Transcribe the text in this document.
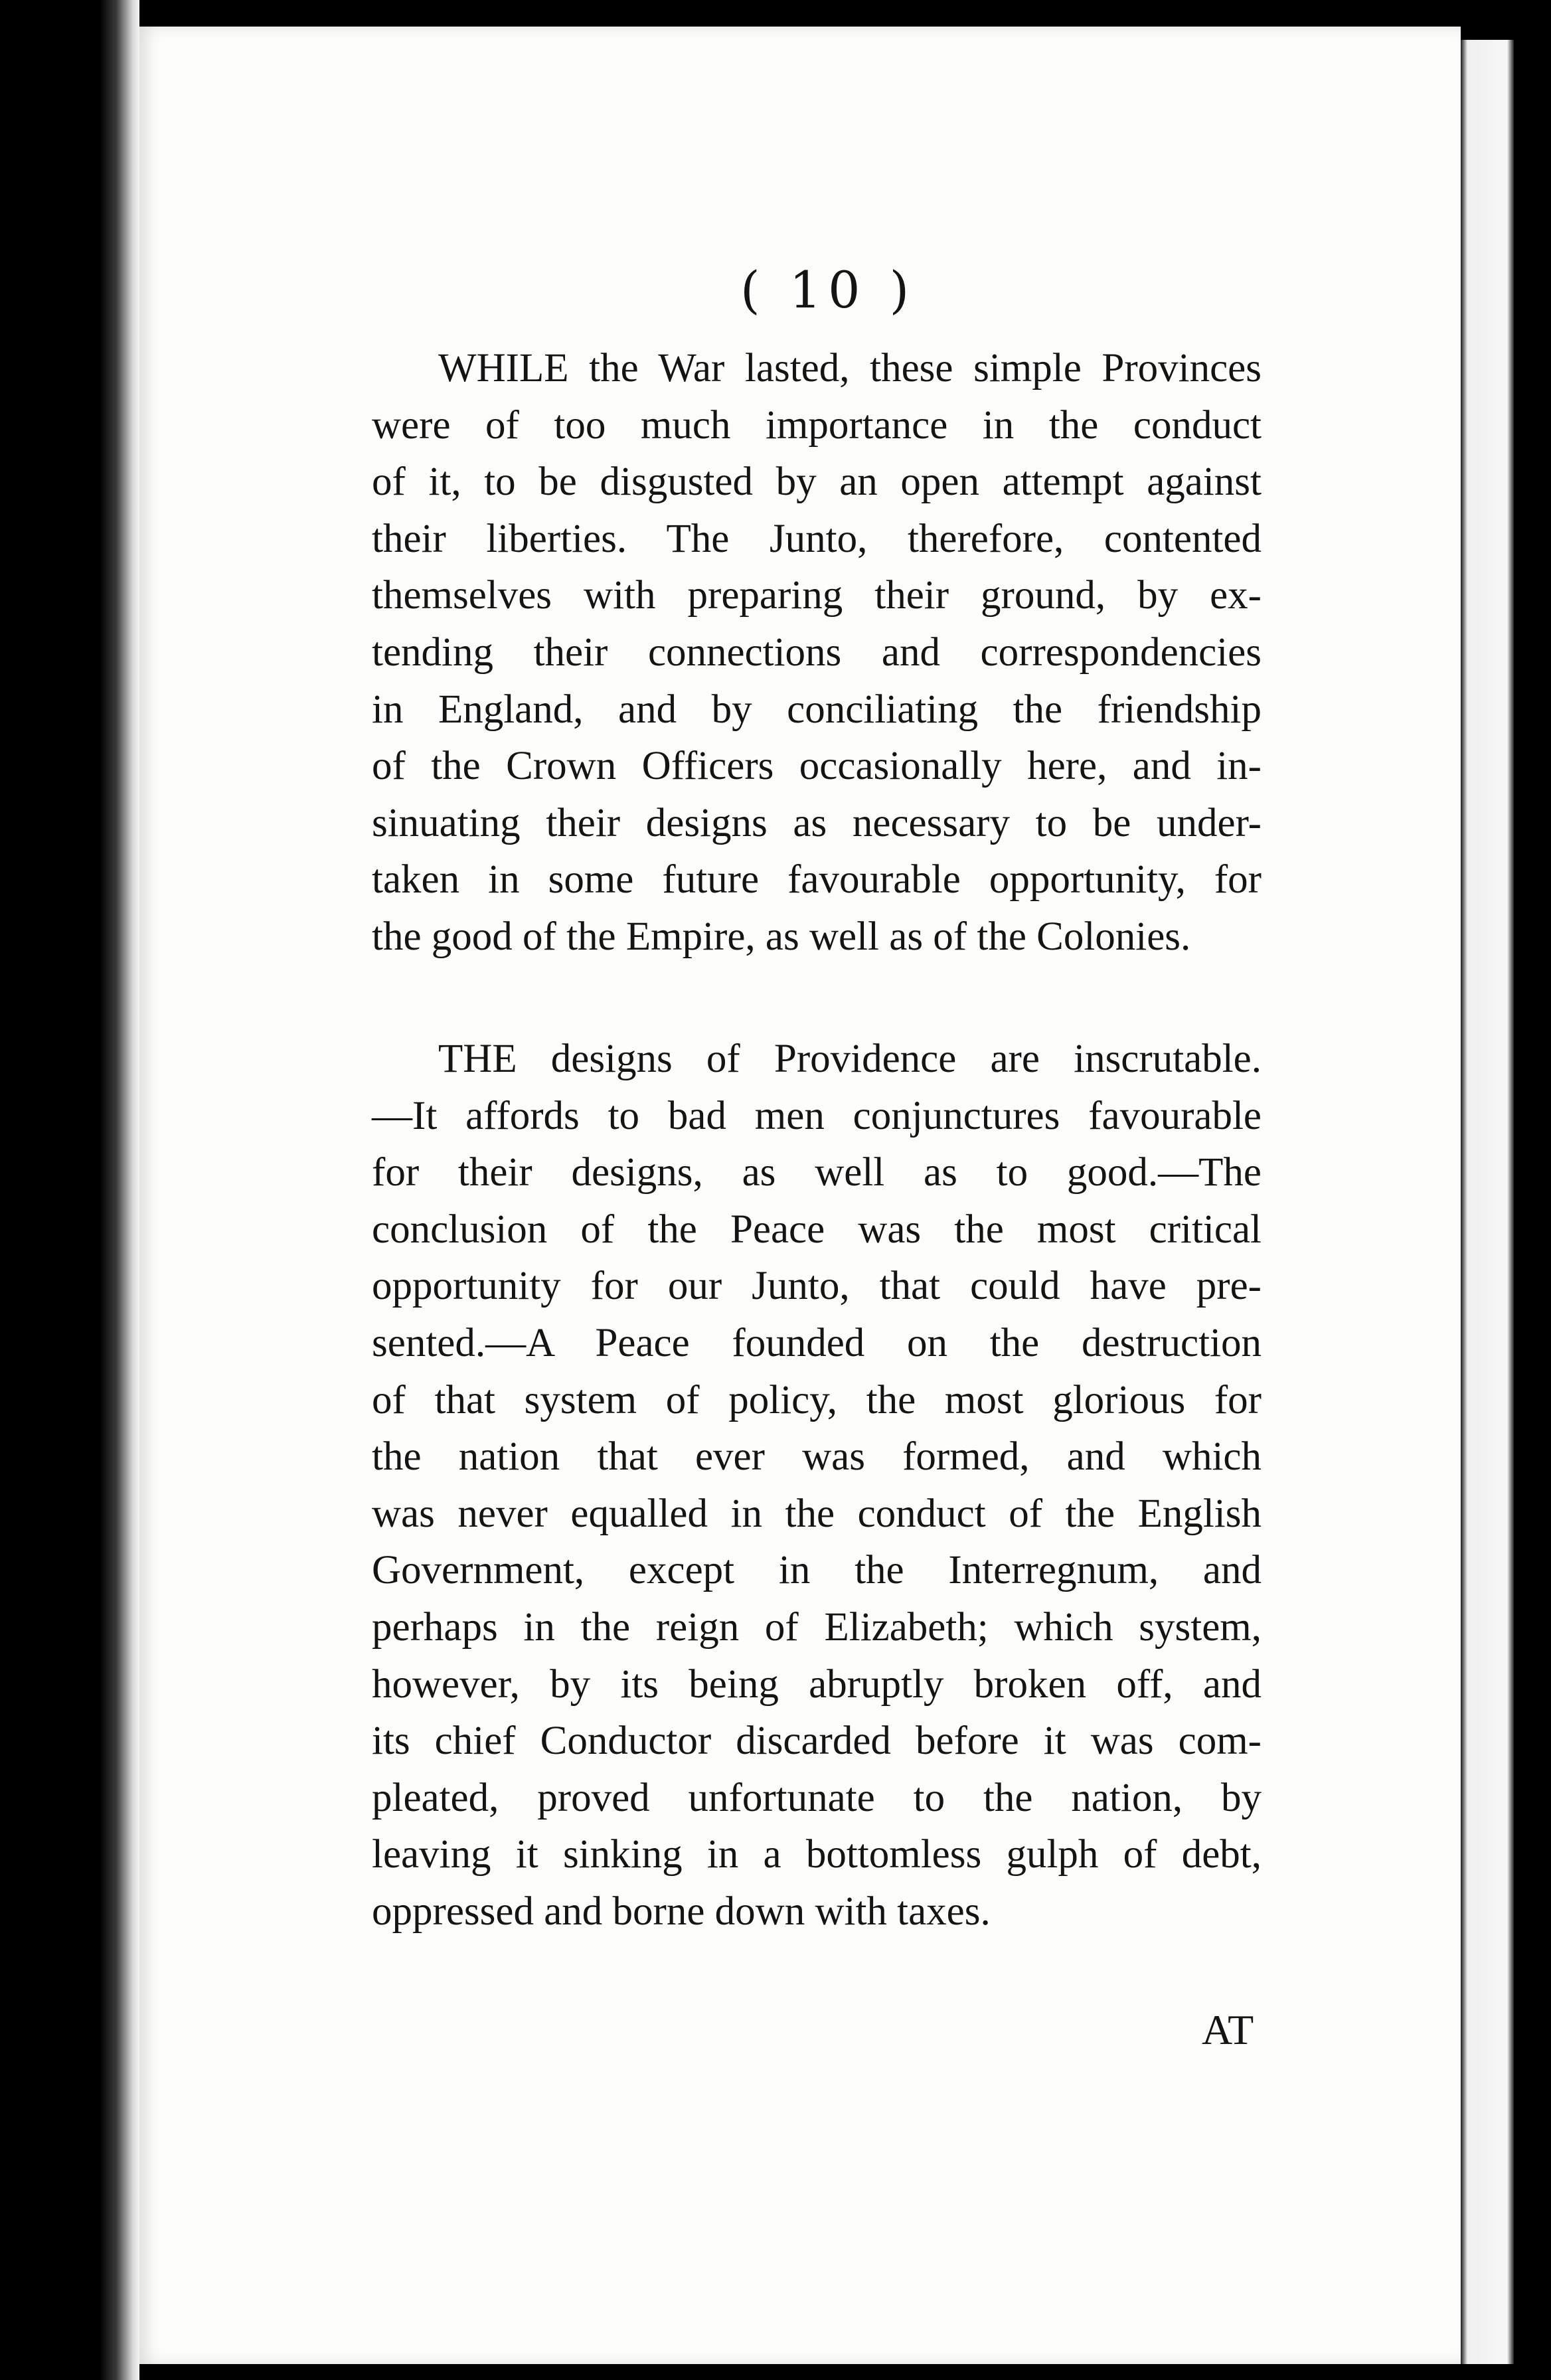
( 10 )
WHILE the War lasted, these simple Provinces
were of too much importance in the conduct
of it, to be disgusted by an open attempt against
their liberties. The Junto, therefore, contented
themselves with preparing their ground, by ex-
tending their connections and correspondencies
in England, and by conciliating the friendship
of the Crown Officers occasionally here, and in-
sinuating their designs as necessary to be under-
taken in some future favourable opportunity, for
the good of the Empire, as well as of the Colonies.
THE designs of Providence are inscrutable.
—It affords to bad men conjunctures favourable
for their designs, as well as to good.—The
conclusion of the Peace was the most critical
opportunity for our Junto, that could have pre-
sented.—A Peace founded on the destruction
of that system of policy, the most glorious for
the nation that ever was formed, and which
was never equalled in the conduct of the English
Government, except in the Interregnum, and
perhaps in the reign of Elizabeth; which system,
however, by its being abruptly broken off, and
its chief Conductor discarded before it was com-
pleated, proved unfortunate to the nation, by
leaving it sinking in a bottomless gulph of debt,
oppressed and borne down with taxes.
AT
